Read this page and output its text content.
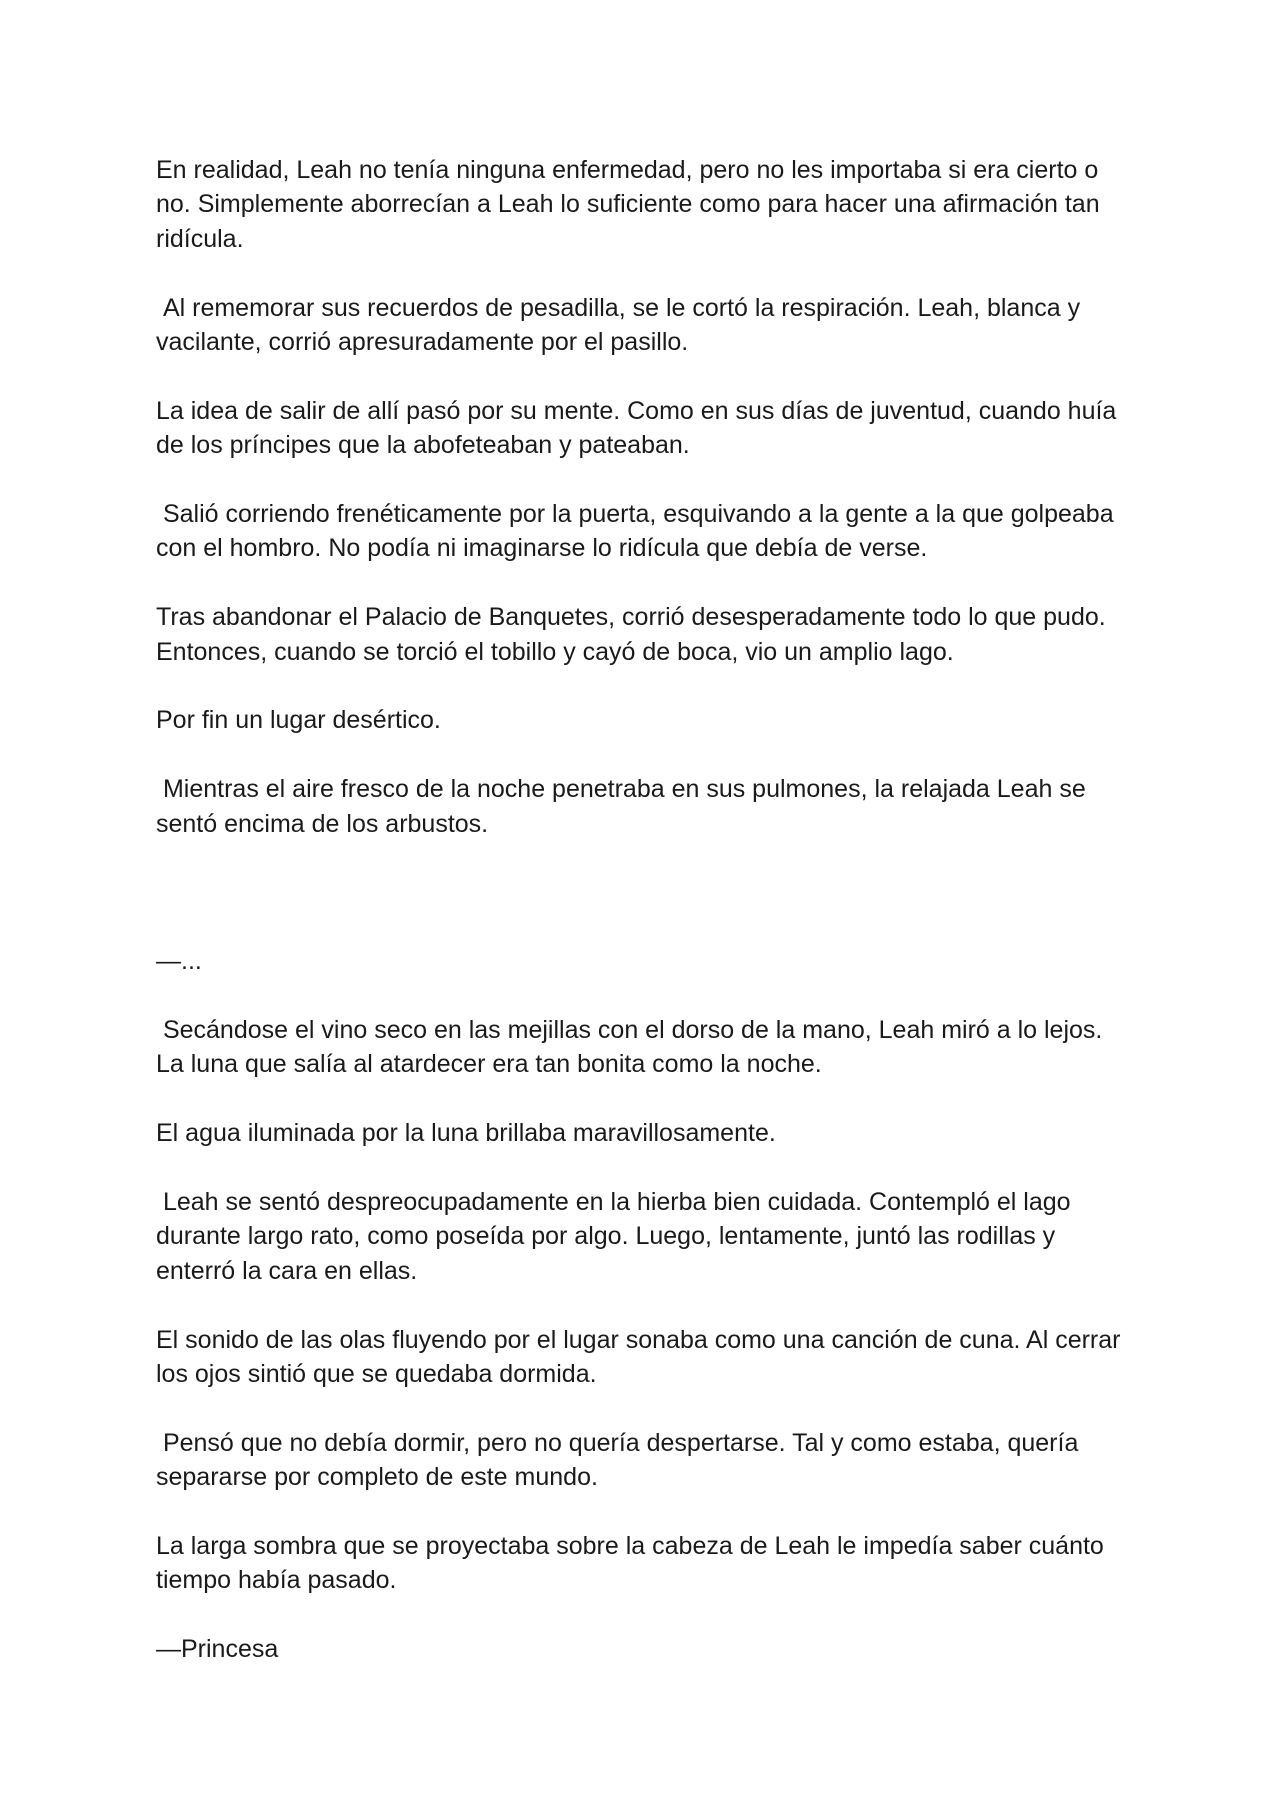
En realidad, Leah no tenía ninguna enfermedad, pero no les importaba si era cierto o no. Simplemente aborrecían a Leah lo suficiente como para hacer una afirmación tan ridícula.

Al rememorar sus recuerdos de pesadilla, se le cortó la respiración. Leah, blanca y vacilante, corrió apresuradamente por el pasillo.

La idea de salir de allí pasó por su mente. Como en sus días de juventud, cuando huía de los príncipes que la abofeteaban y pateaban.

Salió corriendo frenéticamente por la puerta, esquivando a la gente a la que golpeaba con el hombro. No podía ni imaginarse lo ridícula que debía de verse.

Tras abandonar el Palacio de Banquetes, corrió desesperadamente todo lo que pudo. Entonces, cuando se torció el tobillo y cayó de boca, vio un amplio lago.

Por fin un lugar desértico.

Mientras el aire fresco de la noche penetraba en sus pulmones, la relajada Leah se sentó encima de los arbustos.

—...

Secándose el vino seco en las mejillas con el dorso de la mano, Leah miró a lo lejos. La luna que salía al atardecer era tan bonita como la noche.

El agua iluminada por la luna brillaba maravillosamente.

Leah se sentó despreocupadamente en la hierba bien cuidada. Contempló el lago durante largo rato, como poseída por algo. Luego, lentamente, juntó las rodillas y enterró la cara en ellas.

El sonido de las olas fluyendo por el lugar sonaba como una canción de cuna. Al cerrar los ojos sintió que se quedaba dormida.

Pensó que no debía dormir, pero no quería despertarse. Tal y como estaba, quería separarse por completo de este mundo.

La larga sombra que se proyectaba sobre la cabeza de Leah le impedía saber cuánto tiempo había pasado.

—Princesa
